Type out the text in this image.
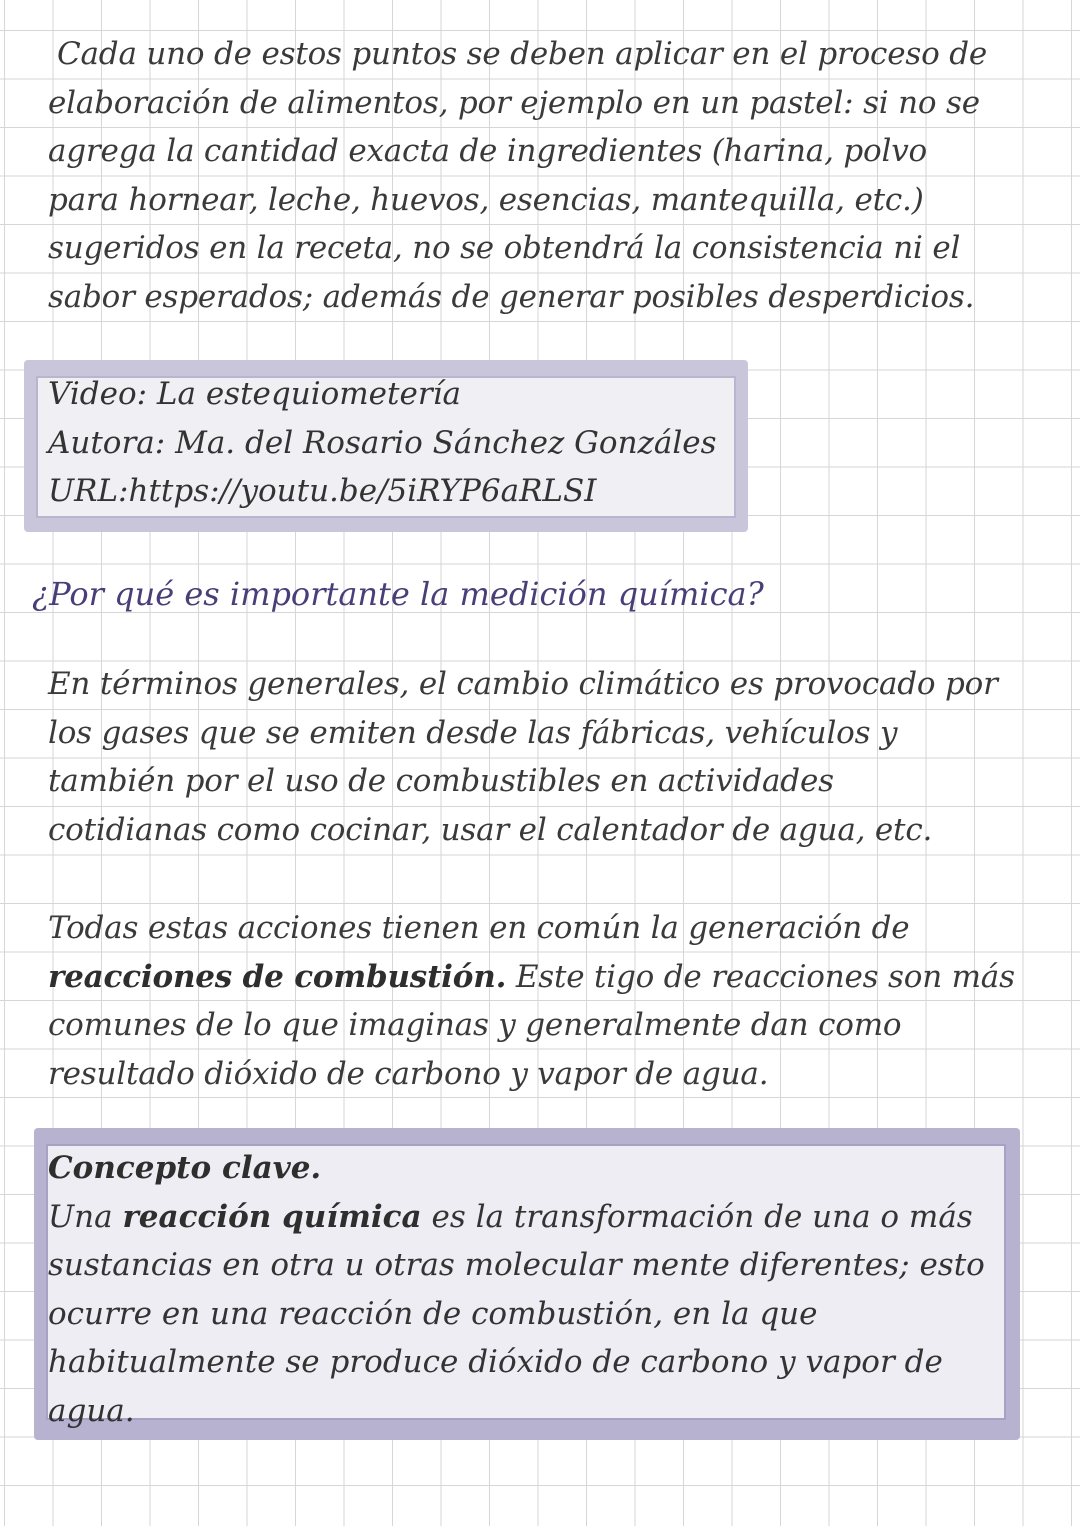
Cada uno de estos puntos se deben aplicar en el proceso de
elaboración de alimentos, por ejemplo en un pastel: si no se
agrega la cantidad exacta de ingredientes (harina, polvo
para hornear, leche, huevos, esencias, mantequilla, etc.)
sugeridos en la receta, no se obtendrá la consistencia ni el
sabor esperados; además de generar posibles desperdicios.
Video: La estequiometería
Autora: Ma. del Rosario Sánchez Gonzáles
URL:https://youtu.be/5iRYP6aRLSI
¿Por qué es importante la medición química?
En términos generales, el cambio climático es provocado por
los gases que se emiten desde las fábricas, vehículos y
también por el uso de combustibles en actividades
cotidianas como cocinar, usar el calentador de agua, etc.
Todas estas acciones tienen en común la generación de
reacciones de combustión. Este tigo de reacciones son más
comunes de lo que imaginas y generalmente dan como
resultado dióxido de carbono y vapor de agua.
Concepto clave.
Una reacción química es la transformación de una o más
sustancias en otra u otras molecular mente diferentes; esto
ocurre en una reacción de combustión, en la que
habitualmente se produce dióxido de carbono y vapor de
agua.
